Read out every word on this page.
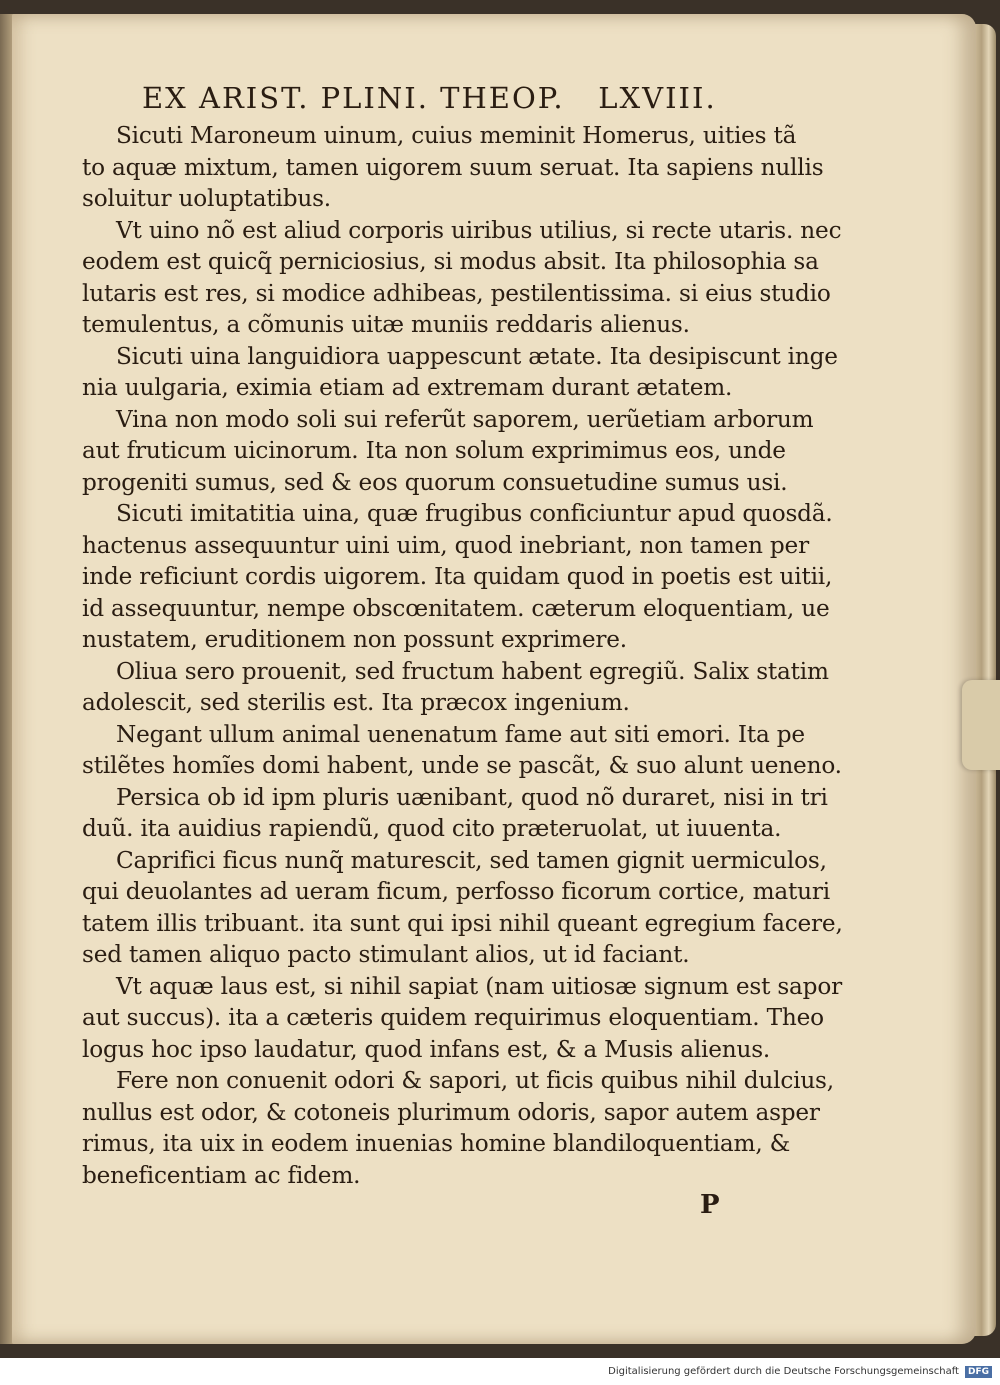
EX ARIST. PLINI. THEOP.   LXVIII.

Sicuti Maroneum uinum, cuius meminit Homerus, uities tã
to aquæ mixtum, tamen uigorem suum seruat. Ita sapiens nullis
soluitur uoluptatibus.

Vt uino nõ est aliud corporis uiribus utilius, si recte utaris. nec
eodem est quicq̃ perniciosius, si modus absit. Ita philosophia sa
lutaris est res, si modice adhibeas, pestilentissima. si eius studio
temulentus, a cõmunis uitæ muniis reddaris alienus.

Sicuti uina languidiora uappescunt ætate. Ita desipiscunt inge
nia uulgaria, eximia etiam ad extremam durant ætatem.

Vina non modo soli sui referũt saporem, uerũetiam arborum
aut fruticum uicinorum. Ita non solum exprimimus eos, unde
progeniti sumus, sed & eos quorum consuetudine sumus usi.

Sicuti imitatitia uina, quæ frugibus conficiuntur apud quosdã.
hactenus assequuntur uini uim, quod inebriant, non tamen per
inde reficiunt cordis uigorem. Ita quidam quod in poetis est uitii,
id assequuntur, nempe obscœnitatem. cæterum eloquentiam, ue
nustatem, eruditionem non possunt exprimere.

Oliua sero prouenit, sed fructum habent egregiũ. Salix statim
adolescit, sed sterilis est. Ita præcox ingenium.

Negant ullum animal uenenatum fame aut siti emori. Ita pe
stilẽtes homĩes domi habent, unde se pascãt, & suo alunt ueneno.

Persica ob id ipm pluris uænibant, quod nõ duraret, nisi in tri
duũ. ita auidius rapiendũ, quod cito præteruolat, ut iuuenta.

Caprifici ficus nunq̃ maturescit, sed tamen gignit uermiculos,
qui deuolantes ad ueram ficum, perfosso ficorum cortice, maturi
tatem illis tribuant. ita sunt qui ipsi nihil queant egregium facere,
sed tamen aliquo pacto stimulant alios, ut id faciant.

Vt aquæ laus est, si nihil sapiat (nam uitiosæ signum est sapor
aut succus). ita a cæteris quidem requirimus eloquentiam. Theo
logus hoc ipso laudatur, quod infans est, & a Musis alienus.

Fere non conuenit odori & sapori, ut ficis quibus nihil dulcius,
nullus est odor, & cotoneis plurimum odoris, sapor autem asper
rimus, ita uix in eodem inuenias homine blandiloquentiam, &
beneficentiam ac fidem.

P
Digitalisierung gefördert durch die Deutsche Forschungsgemeinschaft	DFG
